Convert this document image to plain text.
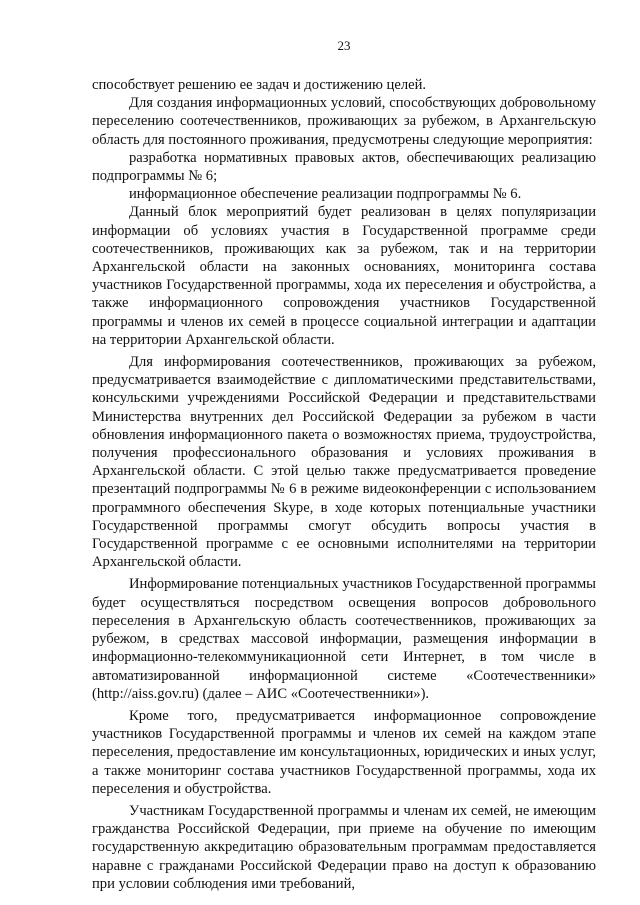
23

способствует решению ее задач и достижению целей.

Для создания информационных условий, способствующих добровольному переселению соотечественников, проживающих за рубежом, в Архангельскую область для постоянного проживания, предусмотрены следующие мероприятия:

разработка нормативных правовых актов, обеспечивающих реализацию подпрограммы № 6;

информационное обеспечение реализации подпрограммы № 6.

Данный блок мероприятий будет реализован в целях популяризации информации об условиях участия в Государственной программе среди соотечественников, проживающих как за рубежом, так и на территории Архангельской области на законных основаниях, мониторинга состава участников Государственной программы, хода их переселения и обустройства, а также информационного сопровождения участников Государственной программы и членов их семей в процессе социальной интеграции и адаптации на территории Архангельской области.

Для информирования соотечественников, проживающих за рубежом, предусматривается взаимодействие с дипломатическими представительствами, консульскими учреждениями Российской Федерации и представительствами Министерства внутренних дел Российской Федерации за рубежом в части обновления информационного пакета о возможностях приема, трудоустройства, получения профессионального образования и условиях проживания в Архангельской области. С этой целью также предусматривается проведение презентаций подпрограммы № 6 в режиме видеоконференции с использованием программного обеспечения Skype, в ходе которых потенциальные участники Государственной программы смогут обсудить вопросы участия в Государственной программе с ее основными исполнителями на территории Архангельской области.

Информирование потенциальных участников Государственной программы будет осуществляться посредством освещения вопросов добровольного переселения в Архангельскую область соотечественников, проживающих за рубежом, в средствах массовой информации, размещения информации в информационно-телекоммуникационной сети Интернет, в том числе в автоматизированной информационной системе «Соотечественники» (http://aiss.gov.ru) (далее – АИС «Соотечественники»).

Кроме того, предусматривается информационное сопровождение участников Государственной программы и членов их семей на каждом этапе переселения, предоставление им консультационных, юридических и иных услуг, а также мониторинг состава участников Государственной программы, хода их переселения и обустройства.

Участникам Государственной программы и членам их семей, не имеющим гражданства Российской Федерации, при приеме на обучение по имеющим государственную аккредитацию образовательным программам предоставляется наравне с гражданами Российской Федерации право на доступ к образованию при условии соблюдения ими требований,
